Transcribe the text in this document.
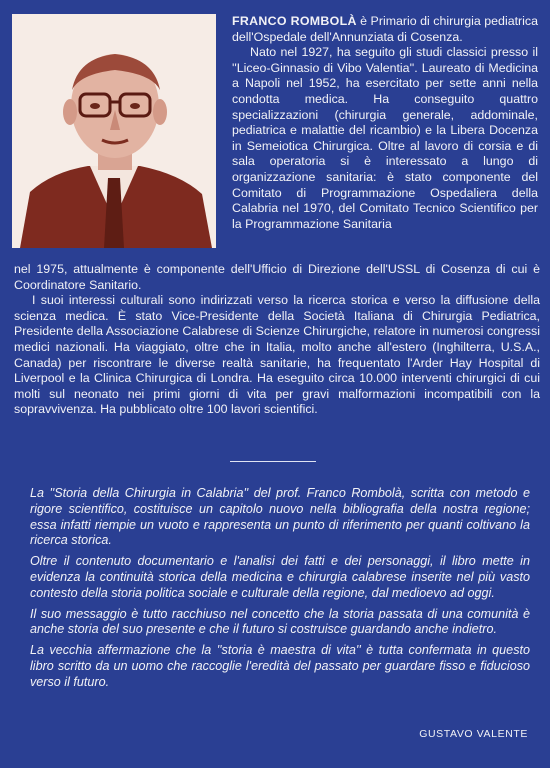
FRANCO ROMBOLÀ è Primario di chirurgia pediatrica dell'Ospedale dell'Annunziata di Cosenza.

Nato nel 1927, ha seguito gli studi classici presso il ''Liceo-Ginnasio di Vibo Valentia''. Laureato di Medicina a Napoli nel 1952, ha esercitato per sette anni nella condotta medica. Ha conseguito quattro specializzazioni (chirurgia generale, addominale, pediatrica e malattie del ricambio) e la Libera Docenza in Semeiotica Chirurgica. Oltre al lavoro di corsia e di sala operatoria si è interessato a lungo di organizzazione sanitaria: è stato componente del Comitato di Programmazione Ospedaliera della Calabria nel 1970, del Comitato Tecnico Scientifico per la Programmazione Sanitaria

nel 1975, attualmente è componente dell'Ufficio di Direzione dell'USSL di Cosenza di cui è Coordinatore Sanitario.

I suoi interessi culturali sono indirizzati verso la ricerca storica e verso la diffusione della scienza medica. È stato Vice-Presidente della Società Italiana di Chirurgia Pediatrica, Presidente della Associazione Calabrese di Scienze Chirurgiche, relatore in numerosi congressi medici nazionali. Ha viaggiato, oltre che in Italia, molto anche all'estero (Inghilterra, U.S.A., Canada) per riscontrare le diverse realtà sanitarie, ha frequentato l'Arder Hay Hospital di Liverpool e la Clinica Chirurgica di Londra. Ha eseguito circa 10.000 interventi chirurgici di cui molti sul neonato nei primi giorni di vita per gravi malformazioni incompatibili con la sopravvivenza. Ha pubblicato oltre 100 lavori scientifici.

La ''Storia della Chirurgia in Calabria'' del prof. Franco Rombolà, scritta con metodo e rigore scientifico, costituisce un capitolo nuovo nella bibliografia della nostra regione; essa infatti riempie un vuoto e rappresenta un punto di riferimento per quanti coltivano la ricerca storica.

Oltre il contenuto documentario e l'analisi dei fatti e dei personaggi, il libro mette in evidenza la continuità storica della medicina e chirurgia calabrese inserite nel più vasto contesto della storia politica sociale e culturale della regione, dal medioevo ad oggi.

Il suo messaggio è tutto racchiuso nel concetto che la storia passata di una comunità è anche storia del suo presente e che il futuro si costruisce guardando anche indietro.

La vecchia affermazione che la ''storia è maestra di vita'' è tutta confermata in questo libro scritto da un uomo che raccoglie l'eredità del passato per guardare fisso e fiducioso verso il futuro.

GUSTAVO VALENTE
